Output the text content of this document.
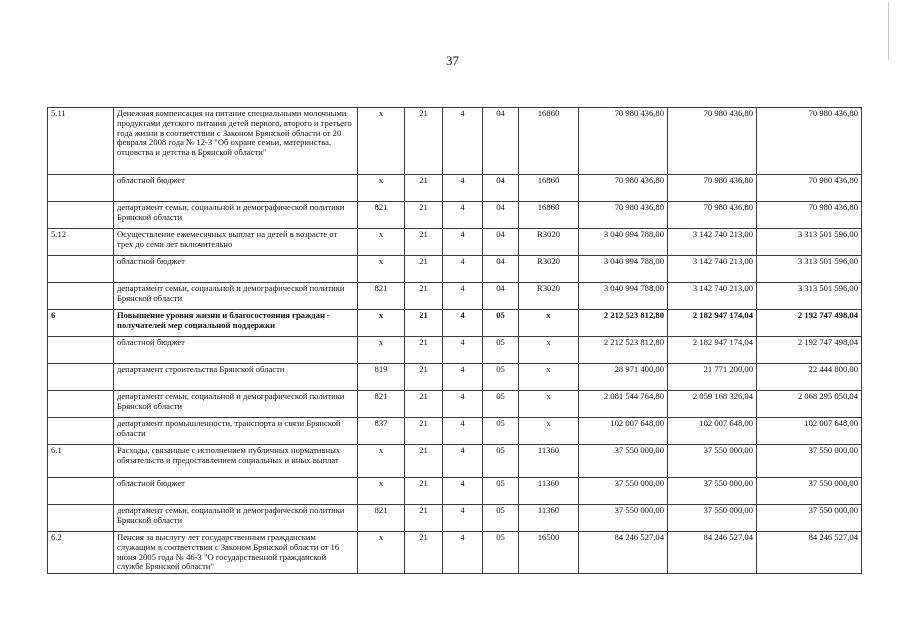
37
5.11	Денежная компенсация на питание специальными молочными продуктами детского питания детей первого, второго и третьего года жизни в соответствии с Законом Брянской области от 20 февраля 2008 года № 12-З "Об охране семьи, материнства, отцовства и детства в Брянской области"	х	21	4	04	16860	70 980 436,80	70 980 436,80	70 980 436,80
	областной бюджет	х	21	4	04	16860	70 980 436,80	70 980 436,80	70 980 436,80
	департамент семьи, социальной и демографической политики Брянской области	821	21	4	04	16860	70 980 436,80	70 980 436,80	70 980 436,80
5.12	Осуществление ежемесячных выплат на детей в возрасте от трех до семи лет включительно	х	21	4	04	R3020	3 040 994 788,00	3 142 740 213,00	3 313 501 596,00
	областной бюджет	х	21	4	04	R3020	3 040 994 788,00	3 142 740 213,00	3 313 501 596,00
	департамент семьи, социальной и демографической политики Брянской области	821	21	4	04	R3020	3 040 994 788,00	3 142 740 213,00	3 313 501 596,00
6	Повышение уровня жизни и благосостояния граждан - получателей мер социальной поддержки	х	21	4	05	х	2 212 523 812,80	2 182 947 174,04	2 192 747 498,04
	областной бюджет	х	21	4	05	х	2 212 523 812,80	2 182 947 174,04	2 192 747 498,04
	департамент строительства Брянской области	819	21	4	05	х	28 971 400,00	21 771 200,00	22 444 800,00
	департамент семьи, социальной и демографической политики Брянской области	821	21	4	05	х	2 081 544 764,80	2 059 168 326,04	2 068 295 050,04
	департамент промышленности, транспорта и связи Брянской области	837	21	4	05	х	102 007 648,00	102 007 648,00	102 007 648,00
6.1	Расходы, связанные с исполнением публичных нормативных обязательств и предоставлением социальных и иных выплат	х	21	4	05	11360	37 550 000,00	37 550 000,00	37 550 000,00
	областной бюджет	х	21	4	05	11360	37 550 000,00	37 550 000,00	37 550 000,00
	департамент семьи, социальной и демографической политики Брянской области	821	21	4	05	11360	37 550 000,00	37 550 000,00	37 550 000,00
6.2	Пенсия за выслугу лет государственным гражданским служащим в соответствии с Законом Брянской области от 16 июня 2005 года № 46-З "О государственной гражданской службе Брянской области"	х	21	4	05	16500	84 246 527,04	84 246 527,04	84 246 527,04
